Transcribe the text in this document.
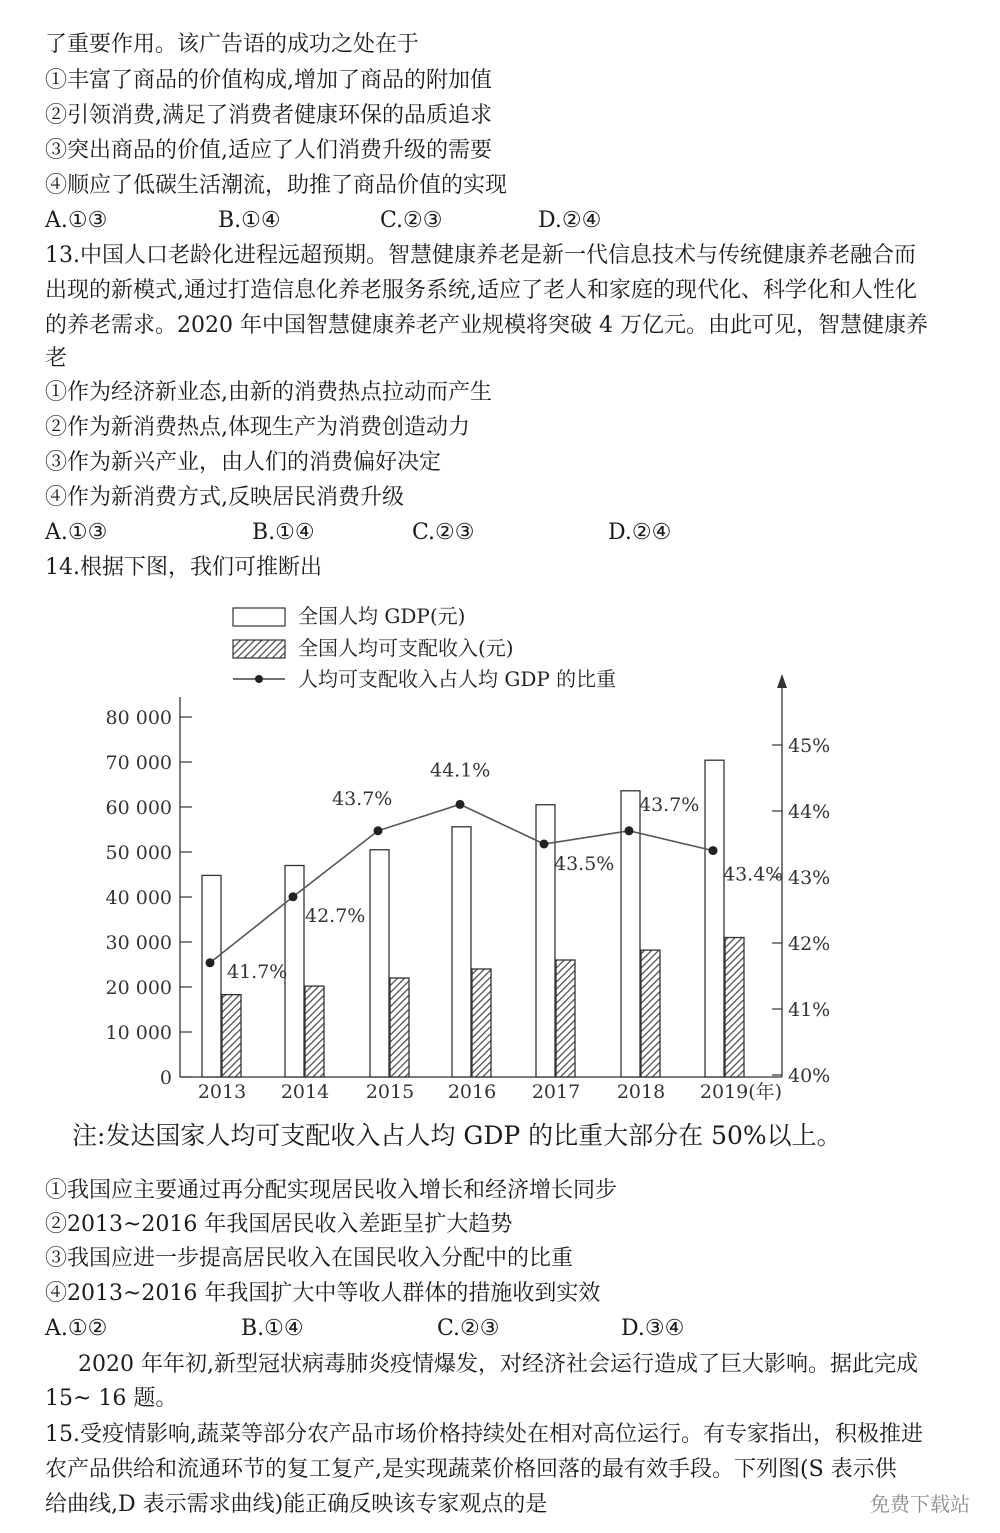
了重要作用。该广告语的成功之处在于
①丰富了商品的价值构成,增加了商品的附加值
②引领消费,满足了消费者健康环保的品质追求
③突出商品的价值,适应了人们消费升级的需要
④顺应了低碳生活潮流，助推了商品价值的实现
A.①③	B.①④	C.②③	D.②④
13.中国人口老龄化进程远超预期。智慧健康养老是新一代信息技术与传统健康养老融合而
出现的新模式,通过打造信息化养老服务系统,适应了老人和家庭的现代化、科学化和人性化
的养老需求。2020 年中国智慧健康养老产业规模将突破 4 万亿元。由此可见，智慧健康养
老
①作为经济新业态,由新的消费热点拉动而产生
②作为新消费热点,体现生产为消费创造动力
③作为新兴产业，由人们的消费偏好决定
④作为新消费方式,反映居民消费升级
A.①③	B.①④	C.②③	D.②④
14.根据下图，我们可推断出
全国人均 GDP(元)
全国人均可支配收入(元)
人均可支配收入占人均 GDP 的比重
0
10 000
20 000
30 000
40 000
50 000
60 000
70 000
80 000
40%
41%
42%
43%
44%
45%
2013 2014 2015 2016 2017 2018 2019(年)
41.7%
42.7%
43.7%
44.1%
43.5%
43.7%
43.4%
注:发达国家人均可支配收入占人均 GDP 的比重大部分在 50%以上。
①我国应主要通过再分配实现居民收入增长和经济增长同步
②2013~2016 年我国居民收入差距呈扩大趋势
③我国应进一步提高居民收入在国民收入分配中的比重
④2013~2016 年我国扩大中等收人群体的措施收到实效
A.①②	B.①④	C.②③	D.③④
2020 年年初,新型冠状病毒肺炎疫情爆发，对经济社会运行造成了巨大影响。据此完成
15~ 16 题。
15.受疫情影响,蔬菜等部分农产品市场价格持续处在相对高位运行。有专家指出，积极推进
农产品供给和流通环节的复工复产,是实现蔬菜价格回落的最有效手段。下列图(S 表示供
给曲线,D 表示需求曲线)能正确反映该专家观点的是	免费下载站
